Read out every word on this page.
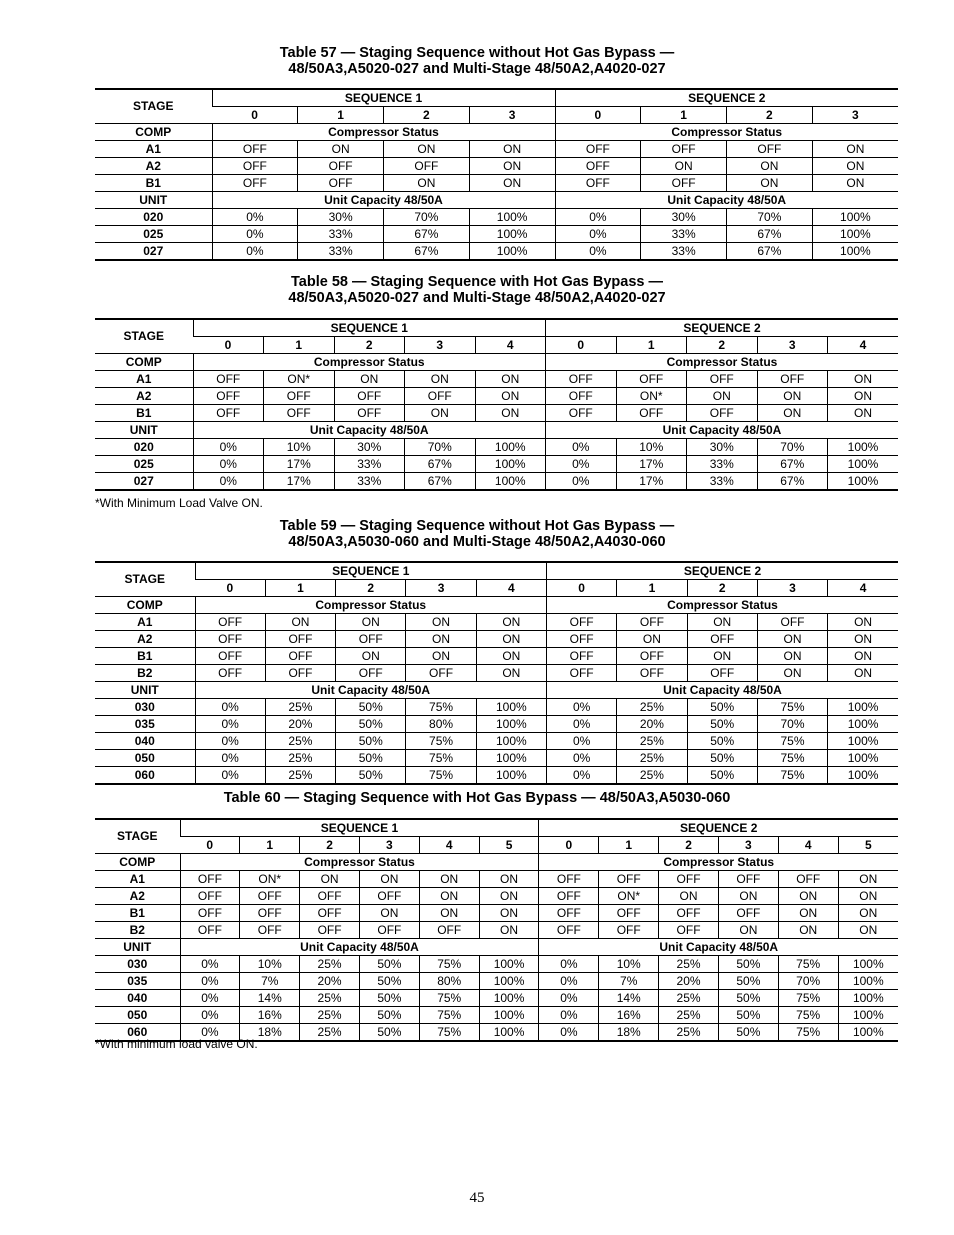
Table 57 — Staging Sequence without Hot Gas Bypass —
48/50A3,A5020-027 and Multi-Stage 48/50A2,A4020-027
STAGE	SEQUENCE 1				SEQUENCE 2			
	0	1	2	3	0	1	2	3
COMP	Compressor Status				Compressor Status			
A1	OFF	ON	ON	ON	OFF	OFF	OFF	ON
A2	OFF	OFF	OFF	ON	OFF	ON	ON	ON
B1	OFF	OFF	ON	ON	OFF	OFF	ON	ON
UNIT	Unit Capacity 48/50A				Unit Capacity 48/50A			
020	0%	30%	70%	100%	0%	30%	70%	100%
025	0%	33%	67%	100%	0%	33%	67%	100%
027	0%	33%	67%	100%	0%	33%	67%	100%
Table 58 — Staging Sequence with Hot Gas Bypass —
48/50A3,A5020-027 and Multi-Stage 48/50A2,A4020-027
STAGE	SEQUENCE 1					SEQUENCE 2				
	0	1	2	3	4	0	1	2	3	4
COMP	Compressor Status					Compressor Status				
A1	OFF	ON*	ON	ON	ON	OFF	OFF	OFF	OFF	ON
A2	OFF	OFF	OFF	OFF	ON	OFF	ON*	ON	ON	ON
B1	OFF	OFF	OFF	ON	ON	OFF	OFF	OFF	ON	ON
UNIT	Unit Capacity 48/50A					Unit Capacity 48/50A				
020	0%	10%	30%	70%	100%	0%	10%	30%	70%	100%
025	0%	17%	33%	67%	100%	0%	17%	33%	67%	100%
027	0%	17%	33%	67%	100%	0%	17%	33%	67%	100%

*With Minimum Load Valve ON.

Table 59 — Staging Sequence without Hot Gas Bypass —
48/50A3,A5030-060 and Multi-Stage 48/50A2,A4030-060
STAGE	SEQUENCE 1					SEQUENCE 2				
	0	1	2	3	4	0	1	2	3	4
COMP	Compressor Status					Compressor Status				
A1	OFF	ON	ON	ON	ON	OFF	OFF	ON	OFF	ON
A2	OFF	OFF	OFF	ON	ON	OFF	ON	OFF	ON	ON
B1	OFF	OFF	ON	ON	ON	OFF	OFF	ON	ON	ON
B2	OFF	OFF	OFF	OFF	ON	OFF	OFF	OFF	ON	ON
UNIT	Unit Capacity 48/50A					Unit Capacity 48/50A				
030	0%	25%	50%	75%	100%	0%	25%	50%	75%	100%
035	0%	20%	50%	80%	100%	0%	20%	50%	70%	100%
040	0%	25%	50%	75%	100%	0%	25%	50%	75%	100%
050	0%	25%	50%	75%	100%	0%	25%	50%	75%	100%
060	0%	25%	50%	75%	100%	0%	25%	50%	75%	100%
Table 60 — Staging Sequence with Hot Gas Bypass — 48/50A3,A5030-060
STAGE	SEQUENCE 1						SEQUENCE 2					
	0	1	2	3	4	5	0	1	2	3	4	5
COMP	Compressor Status						Compressor Status					
A1	OFF	ON*	ON	ON	ON	ON	OFF	OFF	OFF	OFF	OFF	ON
A2	OFF	OFF	OFF	OFF	ON	ON	OFF	ON*	ON	ON	ON	ON
B1	OFF	OFF	OFF	ON	ON	ON	OFF	OFF	OFF	OFF	ON	ON
B2	OFF	OFF	OFF	OFF	OFF	ON	OFF	OFF	OFF	ON	ON	ON
UNIT	Unit Capacity 48/50A						Unit Capacity 48/50A					
030	0%	10%	25%	50%	75%	100%	0%	10%	25%	50%	75%	100%
035	0%	7%	20%	50%	80%	100%	0%	7%	20%	50%	70%	100%
040	0%	14%	25%	50%	75%	100%	0%	14%	25%	50%	75%	100%
050	0%	16%	25%	50%	75%	100%	0%	16%	25%	50%	75%	100%
060	0%	18%	25%	50%	75%	100%	0%	18%	25%	50%	75%	100%

*With minimum load valve ON.

45
